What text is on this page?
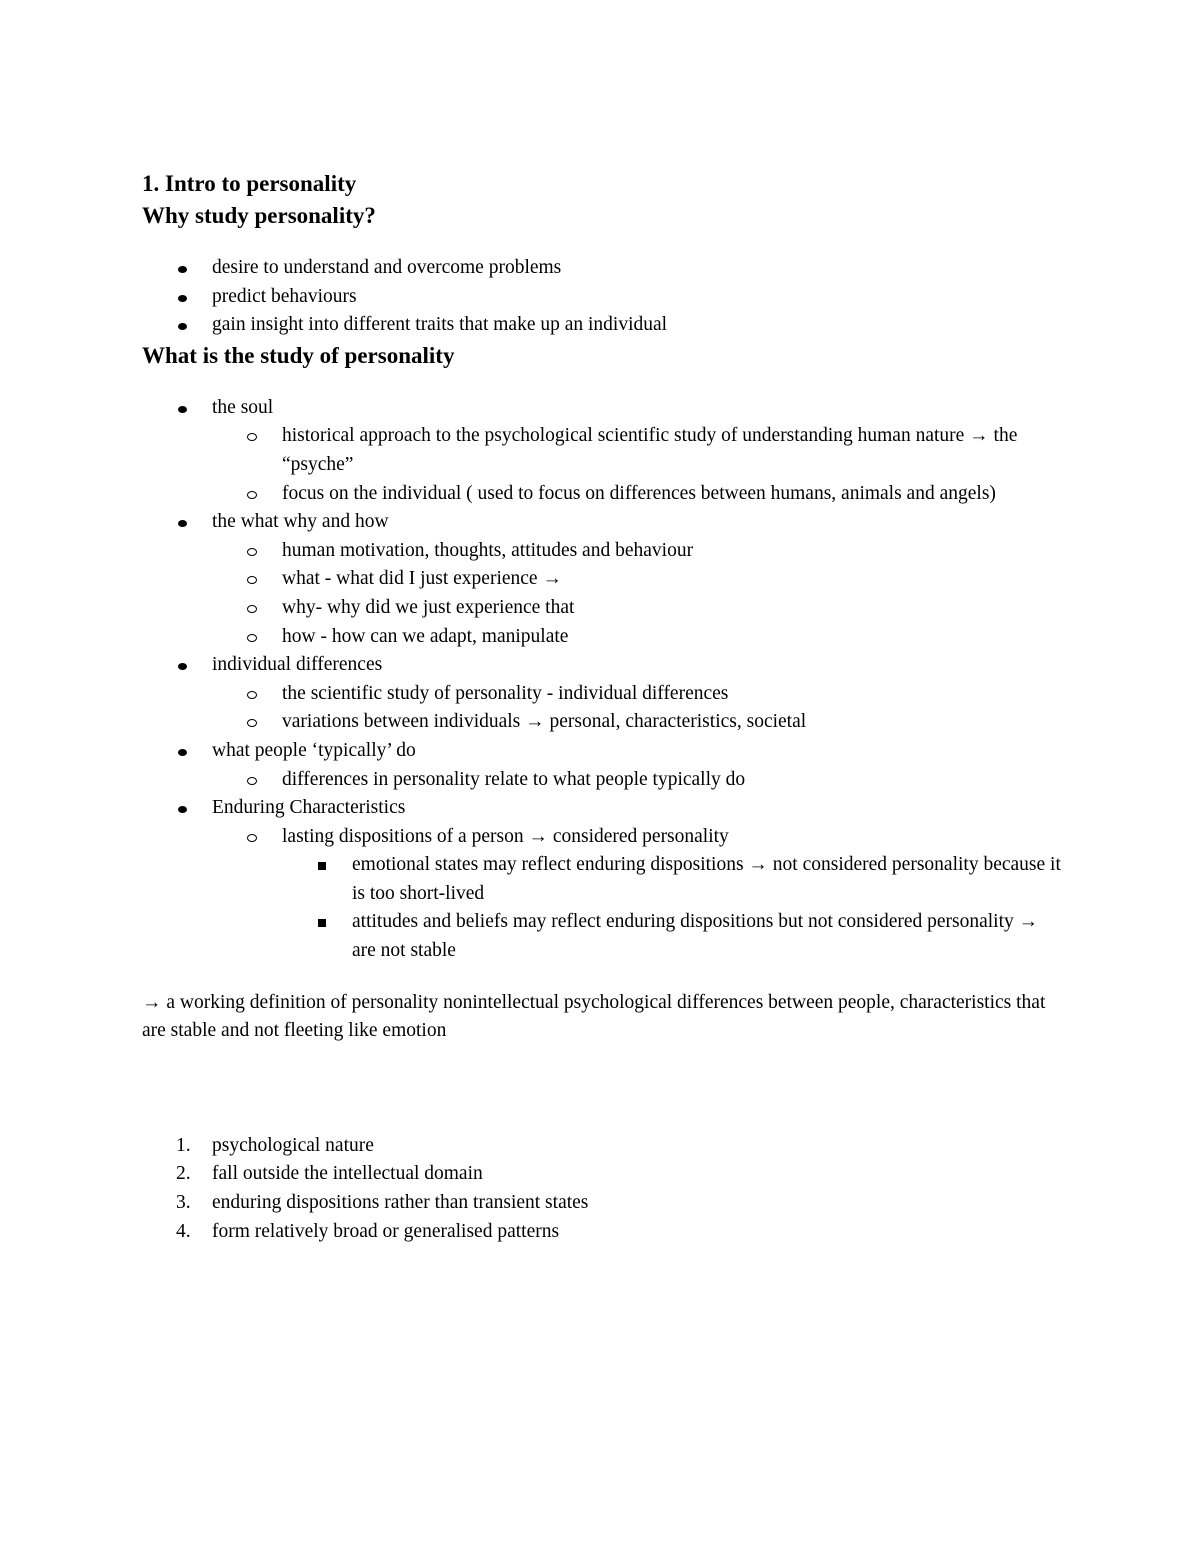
1. Intro to personality
Why study personality?
desire to understand and overcome problems
predict behaviours
gain insight into different traits that make up an individual
What is the study of personality
the soul
historical approach to the psychological scientific study of understanding human nature → the “psyche”
focus on the individual ( used to focus on differences between humans, animals and angels)
the what why and how
human motivation, thoughts, attitudes and behaviour
what - what did I just experience →
why- why did we just experience that
how - how can we adapt, manipulate
individual differences
the scientific study of personality - individual differences
variations between individuals → personal, characteristics, societal
what people ‘typically’ do
differences in personality relate to what people typically do
Enduring Characteristics
lasting dispositions of a person → considered personality
emotional states may reflect enduring dispositions → not considered personality because it is too short-lived
attitudes and beliefs may reflect enduring dispositions but not considered personality → are not stable

→ a working definition of personality nonintellectual psychological differences between people, characteristics that are stable and not fleeting like emotion

1. psychological nature
2. fall outside the intellectual domain
3. enduring dispositions rather than transient states
4. form relatively broad or generalised patterns
